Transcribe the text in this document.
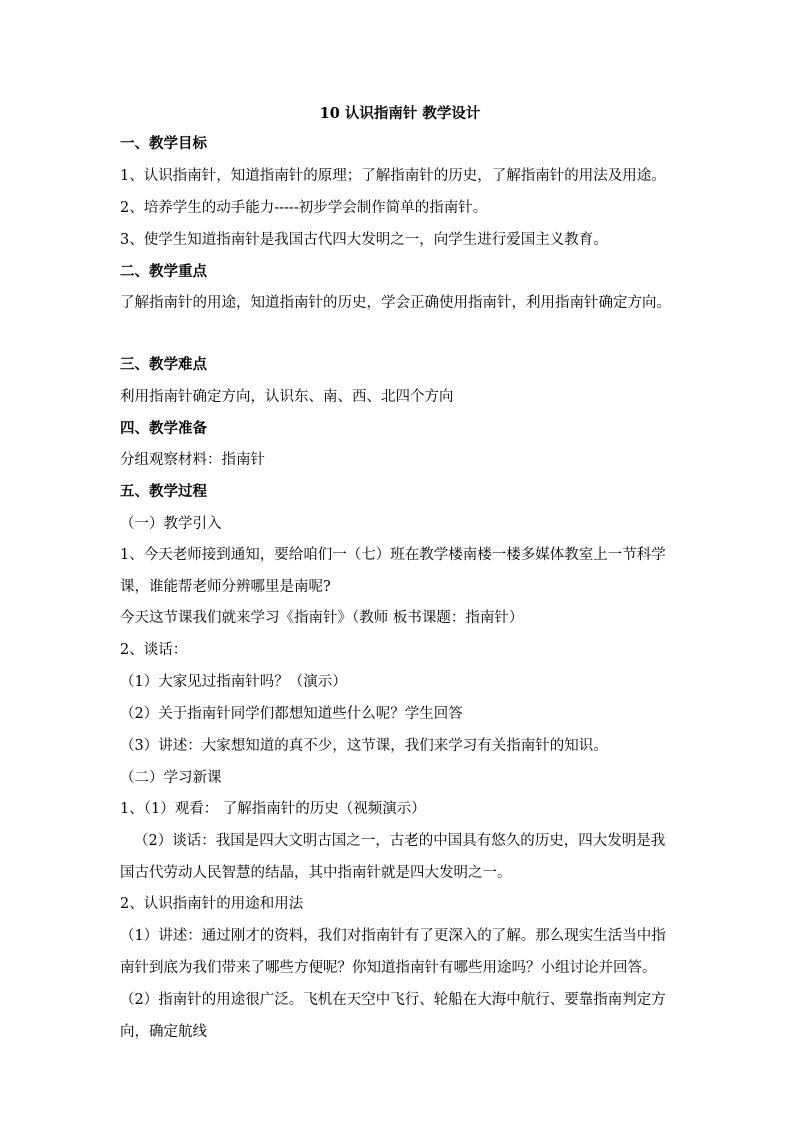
10 认识指南针 教学设计
一、教学目标
1、认识指南针，知道指南针的原理；了解指南针的历史，了解指南针的用法及用途。
2、培养学生的动手能力-----初步学会制作简单的指南针。
3、使学生知道指南针是我国古代四大发明之一，向学生进行爱国主义教育。
二、教学重点
了解指南针的用途，知道指南针的历史，学会正确使用指南针，利用指南针确定方向。
三、教学难点
利用指南针确定方向，认识东、南、西、北四个方向
四、教学准备
分组观察材料：指南针
五、教学过程
（一）教学引入
1、今天老师接到通知，要给咱们一（七）班在教学楼南楼一楼多媒体教室上一节科学
课，谁能帮老师分辨哪里是南呢?
今天这节课我们就来学习《指南针》（教师 板书课题：指南针）
2、谈话：
（1）大家见过指南针吗？（演示）
（2）关于指南针同学们都想知道些什么呢？学生回答
（3）讲述：大家想知道的真不少，这节课，我们来学习有关指南针的知识。
（二）学习新课
1、（1）观看： 了解指南针的历史（视频演示）
（2）谈话：我国是四大文明古国之一，古老的中国具有悠久的历史，四大发明是我
国古代劳动人民智慧的结晶，其中指南针就是四大发明之一。
2、认识指南针的用途和用法
（1）讲述：通过刚才的资料，我们对指南针有了更深入的了解。那么现实生活当中指
南针到底为我们带来了哪些方便呢？你知道指南针有哪些用途吗？小组讨论并回答。
（2）指南针的用途很广泛。飞机在天空中飞行、轮船在大海中航行、要靠指南判定方
向，确定航线
